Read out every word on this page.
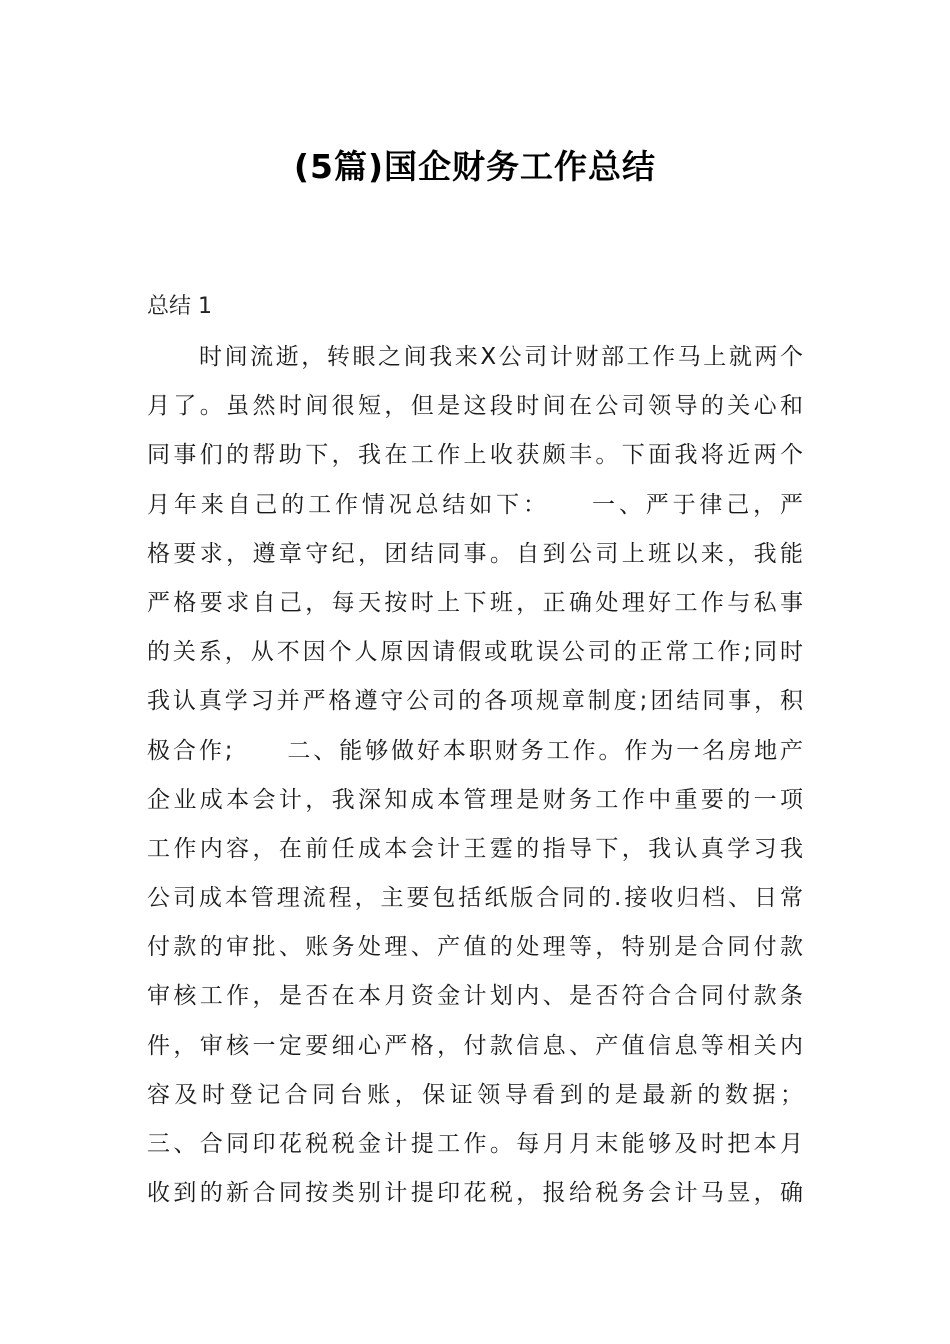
(5篇)国企财务工作总结
总结 1
时间流逝，转眼之间我来X公司计财部工作马上就两个
月了。虽然时间很短，但是这段时间在公司领导的关心和
同事们的帮助下，我在工作上收获颇丰。下面我将近两个
月年来自己的工作情况总结如下：　　一、严于律己，严
格要求，遵章守纪，团结同事。自到公司上班以来，我能
严格要求自己，每天按时上下班，正确处理好工作与私事
的关系，从不因个人原因请假或耽误公司的正常工作;同时
我认真学习并严格遵守公司的各项规章制度;团结同事，积
极合作;　　二、能够做好本职财务工作。作为一名房地产
企业成本会计，我深知成本管理是财务工作中重要的一项
工作内容，在前任成本会计王霆的指导下，我认真学习我
公司成本管理流程，主要包括纸版合同的.接收归档、日常
付款的审批、账务处理、产值的处理等，特别是合同付款
审核工作，是否在本月资金计划内、是否符合合同付款条
件，审核一定要细心严格，付款信息、产值信息等相关内
容及时登记合同台账，保证领导看到的是最新的数据；
三、合同印花税税金计提工作。每月月末能够及时把本月
收到的新合同按类别计提印花税，报给税务会计马昱，确
